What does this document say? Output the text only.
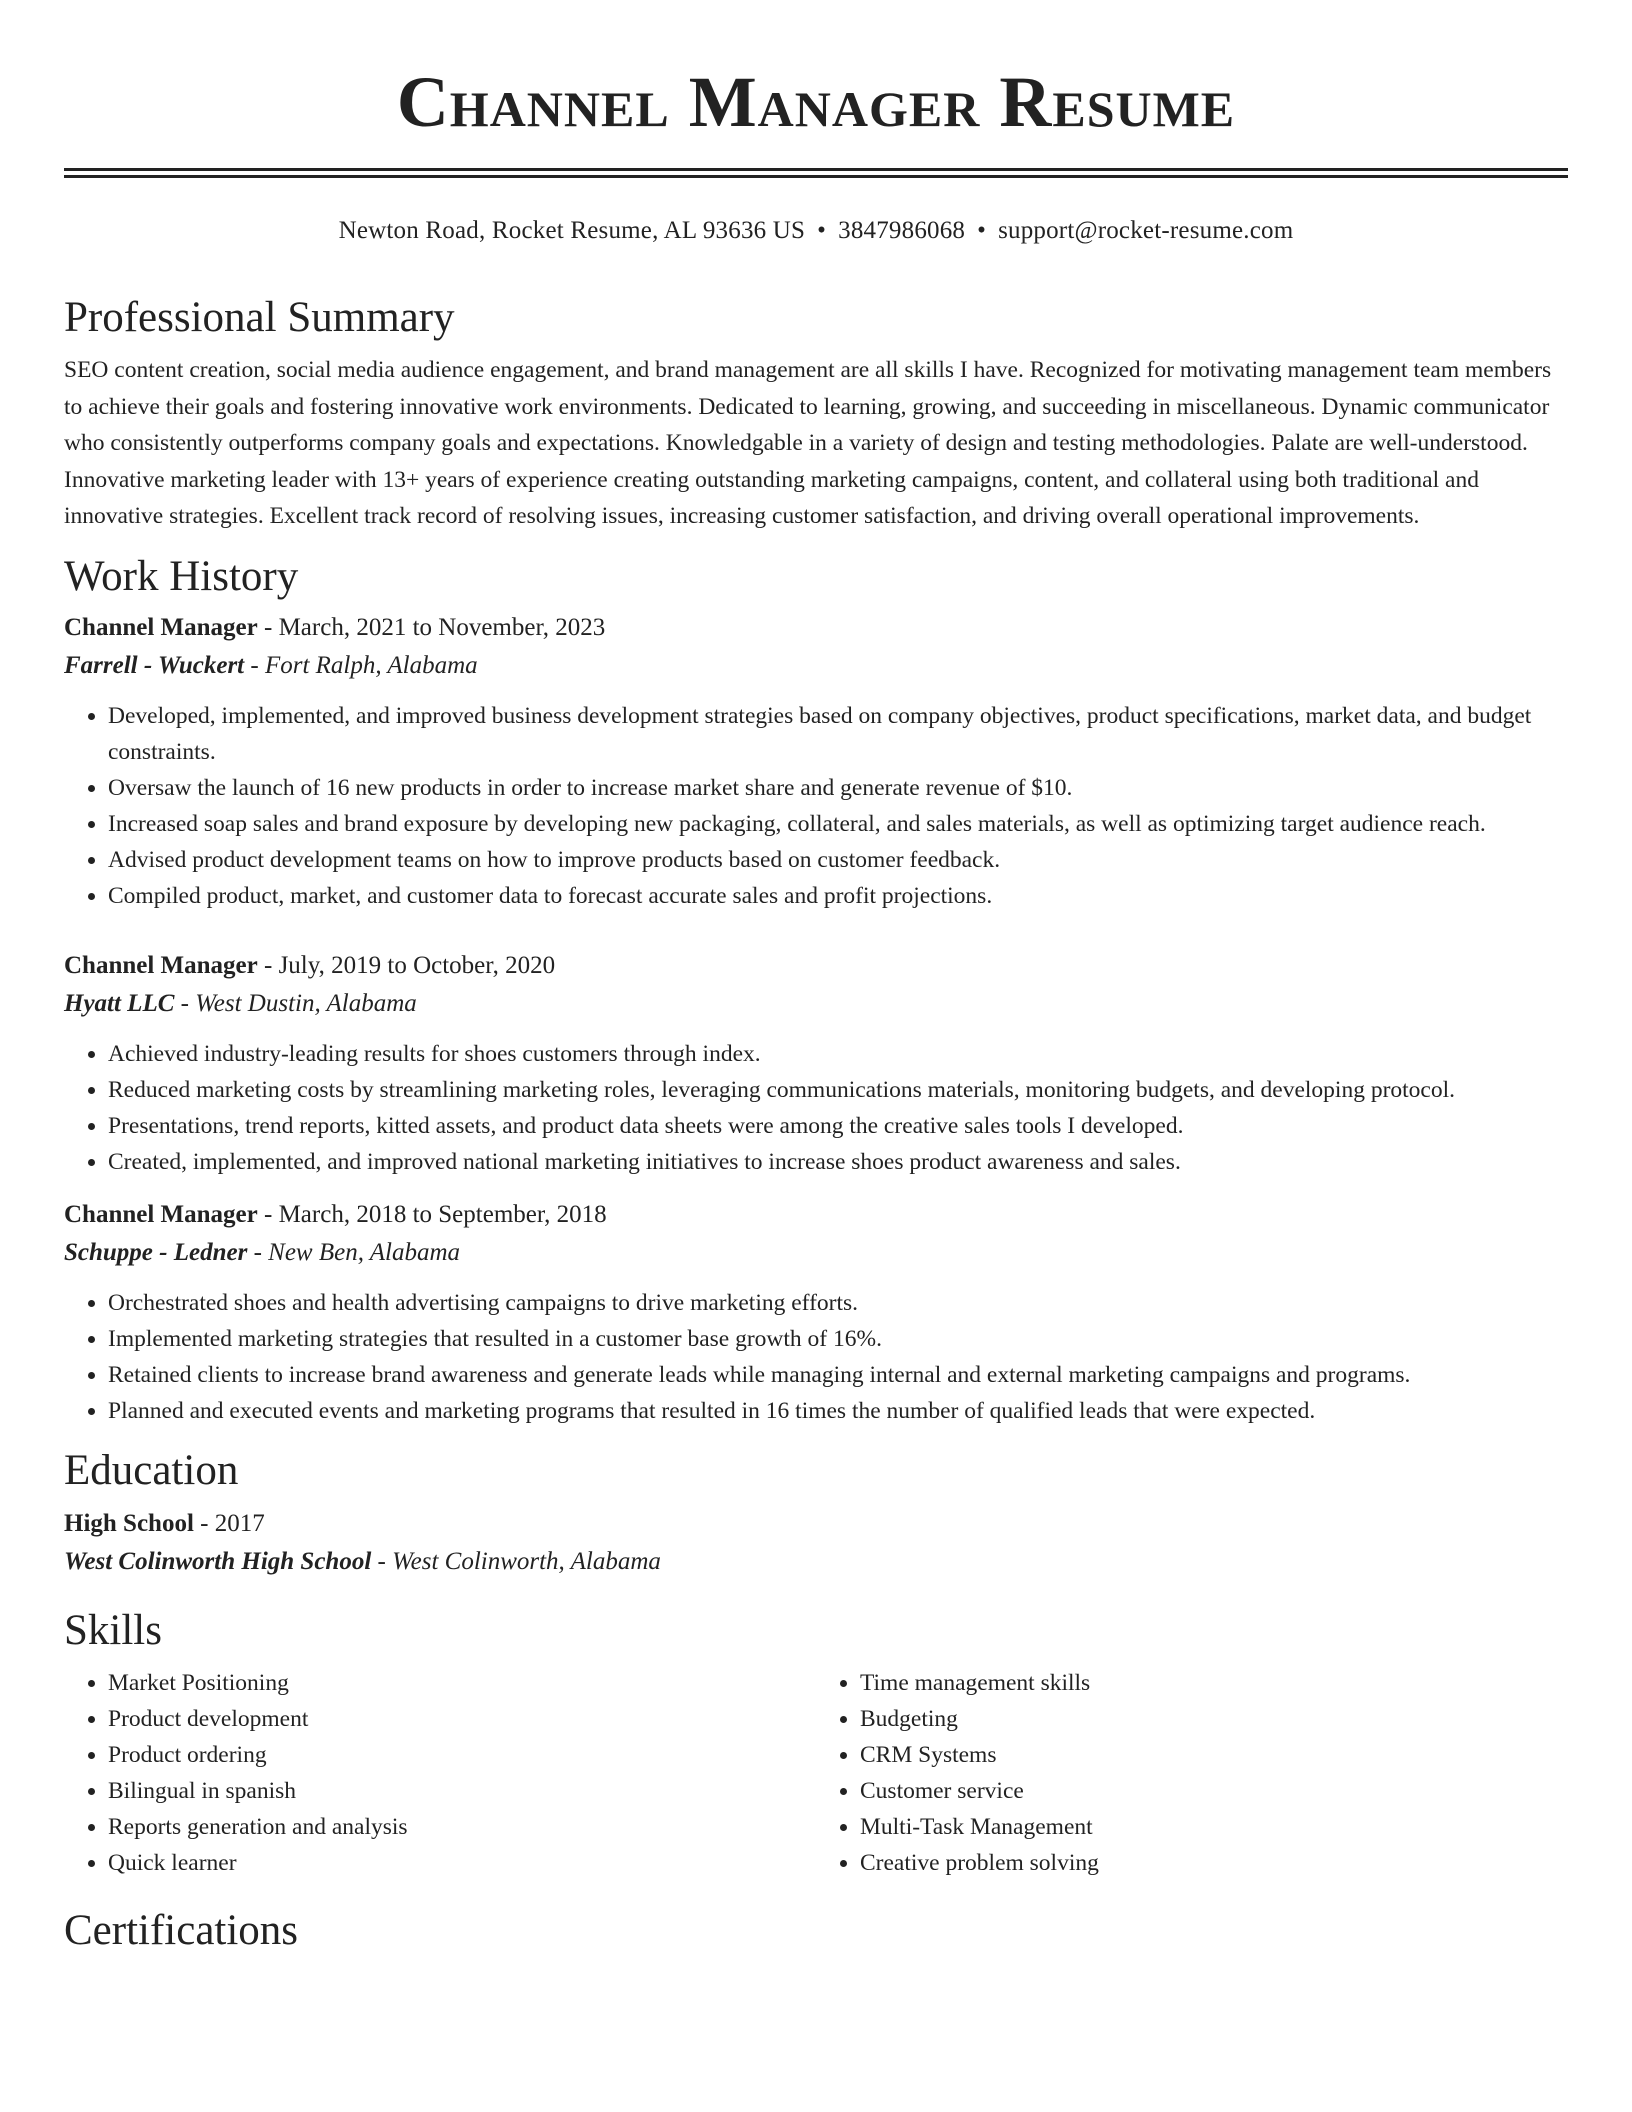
Channel Manager Resume
Newton Road, Rocket Resume, AL 93636 US • 3847986068 • support@rocket-resume.com
Professional Summary

SEO content creation, social media audience engagement, and brand management are all skills I have. Recognized for motivating management team members to achieve their goals and fostering innovative work environments. Dedicated to learning, growing, and succeeding in miscellaneous. Dynamic communicator who consistently outperforms company goals and expectations. Knowledgable in a variety of design and testing methodologies. Palate are well-understood. Innovative marketing leader with 13+ years of experience creating outstanding marketing campaigns, content, and collateral using both traditional and innovative strategies. Excellent track record of resolving issues, increasing customer satisfaction, and driving overall operational improvements.

Work History
Channel Manager - March, 2021 to November, 2023
Farrell - Wuckert - Fort Ralph, Alabama
• Developed, implemented, and improved business development strategies based on company objectives, product specifications, market data, and budget constraints.
• Oversaw the launch of 16 new products in order to increase market share and generate revenue of $10.
• Increased soap sales and brand exposure by developing new packaging, collateral, and sales materials, as well as optimizing target audience reach.
• Advised product development teams on how to improve products based on customer feedback.
• Compiled product, market, and customer data to forecast accurate sales and profit projections.
Channel Manager - July, 2019 to October, 2020
Hyatt LLC - West Dustin, Alabama
• Achieved industry-leading results for shoes customers through index.
• Reduced marketing costs by streamlining marketing roles, leveraging communications materials, monitoring budgets, and developing protocol.
• Presentations, trend reports, kitted assets, and product data sheets were among the creative sales tools I developed.
• Created, implemented, and improved national marketing initiatives to increase shoes product awareness and sales.
Channel Manager - March, 2018 to September, 2018
Schuppe - Ledner - New Ben, Alabama
• Orchestrated shoes and health advertising campaigns to drive marketing efforts.
• Implemented marketing strategies that resulted in a customer base growth of 16%.
• Retained clients to increase brand awareness and generate leads while managing internal and external marketing campaigns and programs.
• Planned and executed events and marketing programs that resulted in 16 times the number of qualified leads that were expected.
Education
High School - 2017
West Colinworth High School - West Colinworth, Alabama
Skills
• Market Positioning
• Product development
• Product ordering
• Bilingual in spanish
• Reports generation and analysis
• Quick learner
• Time management skills
• Budgeting
• CRM Systems
• Customer service
• Multi-Task Management
• Creative problem solving
Certifications
